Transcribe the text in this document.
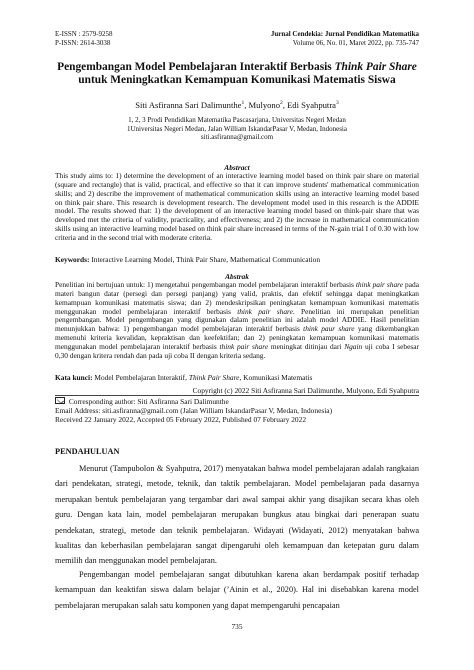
E-ISSN : 2579-9258
P-ISSN: 2614-3038
Jurnal Cendekia: Jurnal Pendidikan Matematika
Volume 06, No. 01, Maret 2022, pp. 735-747
Pengembangan Model Pembelajaran Interaktif Berbasis Think Pair Share
untuk Meningkatkan Kemampuan Komunikasi Matematis Siswa
Siti Asfiranna Sari Dalimunthe$^1$, Mulyono$^2$, Edi Syahputra$^3$
1, 2, 3 Prodi Pendidikan Matematika Pascasarjana, Universitas Negeri Medan
1Universitas Negeri Medan, Jalan William IskandarPasar V, Medan, Indonesia
siti.asfiranna@gmail.com
Abstract
This study aims to: 1) determine the development of an interactive learning model based on think pair share on material (square and rectangle) that is valid, practical, and effective so that it can improve students' mathematical communication skills; and 2) describe the improvement of mathematical communication skills using an interactive learning model based on think pair share. This research is development research. The development model used in this research is the ADDIE model. The results showed that: 1) the development of an interactive learning model based on think-pair share that was developed met the criteria of validity, practicality, and effectiveness; and 2) the increase in mathematical communication skills using an interactive learning model based on think pair share increased in terms of the N-gain trial I of 0.30 with low criteria and in the second trial with moderate criteria.
Keywords: Interactive Learning Model, Think Pair Share, Mathematical Communication
Abstrak
Penelitian ini bertujuan untuk: 1) mengetahui pengembangan model pembelajaran interaktif berbasis think pair share pada materi bangun datar (persegi dan persegi panjang) yang valid, praktis, dan efektif sehingga dapat meningkatkan kemampuan komunikasi matematis siswa; dan 2) mendeskripsikan peningkatan kemampuan komunikasi matematis menggunakan model pembelajaran interaktif berbasis think pair share. Penelitian ini merupakan penelitian pengembangan. Model pengembangan yang digunakan dalam penelitian ini adalah model ADDIE. Hasil penelitian menunjukkan bahwa: 1) pengembangan model pembelajaran interaktif berbasis think paur share yang dikembangkan memenuhi kriteria kevalidan, kepraktisan dan keefektifan; dan 2) peningkatan kemampuan komunikasi matematis menggunakan model pembelajaran interaktif berbasis think pair share meningkat ditinjau dari Ngain uji coba I sebesar 0,30 dengan kritera rendah dan pada uji coba II dengan kriteria sedang.
Kata kunci: Model Pembelajaran Interaktif, Think Pair Share, Komunikasi Matematis
Copyright (c) 2022 Siti Asfiranna Sari Dalimunthe, Mulyono, Edi Syahputra
Corresponding author: Siti Asfiranna Sari Dalimunthe
Email Address: siti.asfiranna@gmail.com (Jalan William IskandarPasar V, Medan, Indonesia)
Received 22 January 2022, Accepted 05 February 2022, Published 07 February 2022
PENDAHULUAN
Menurut (Tampubolon & Syahputra, 2017) menyatakan bahwa model pembelajaran adalah rangkaian dari pendekatan, strategi, metode, teknik, dan taktik pembelajaran. Model pembelajaran pada dasarnya merupakan bentuk pembelajaran yang tergambar dari awal sampai akhir yang disajikan secara khas oleh guru. Dengan kata lain, model pembelajaran merupakan bungkus atau bingkai dari penerapan suatu pendekatan, strategi, metode dan teknik pembelajaran. Widayati (Widayati, 2012) menyatakan bahwa kualitas dan keberhasilan pembelajaran sangat dipengaruhi oleh kemampuan dan ketepatan guru dalam memilih dan menggunakan model pembelajaran.
Pengembangan model pembelajaran sangat dibutuhkan karena akan berdampak positif terhadap kemampuan dan keaktifan siswa dalam belajar (’Ainin et al., 2020). Hal ini disebabkan karena model pembelajaran merupakan salah satu komponen yang dapat mempengaruhi pencapaian
735
